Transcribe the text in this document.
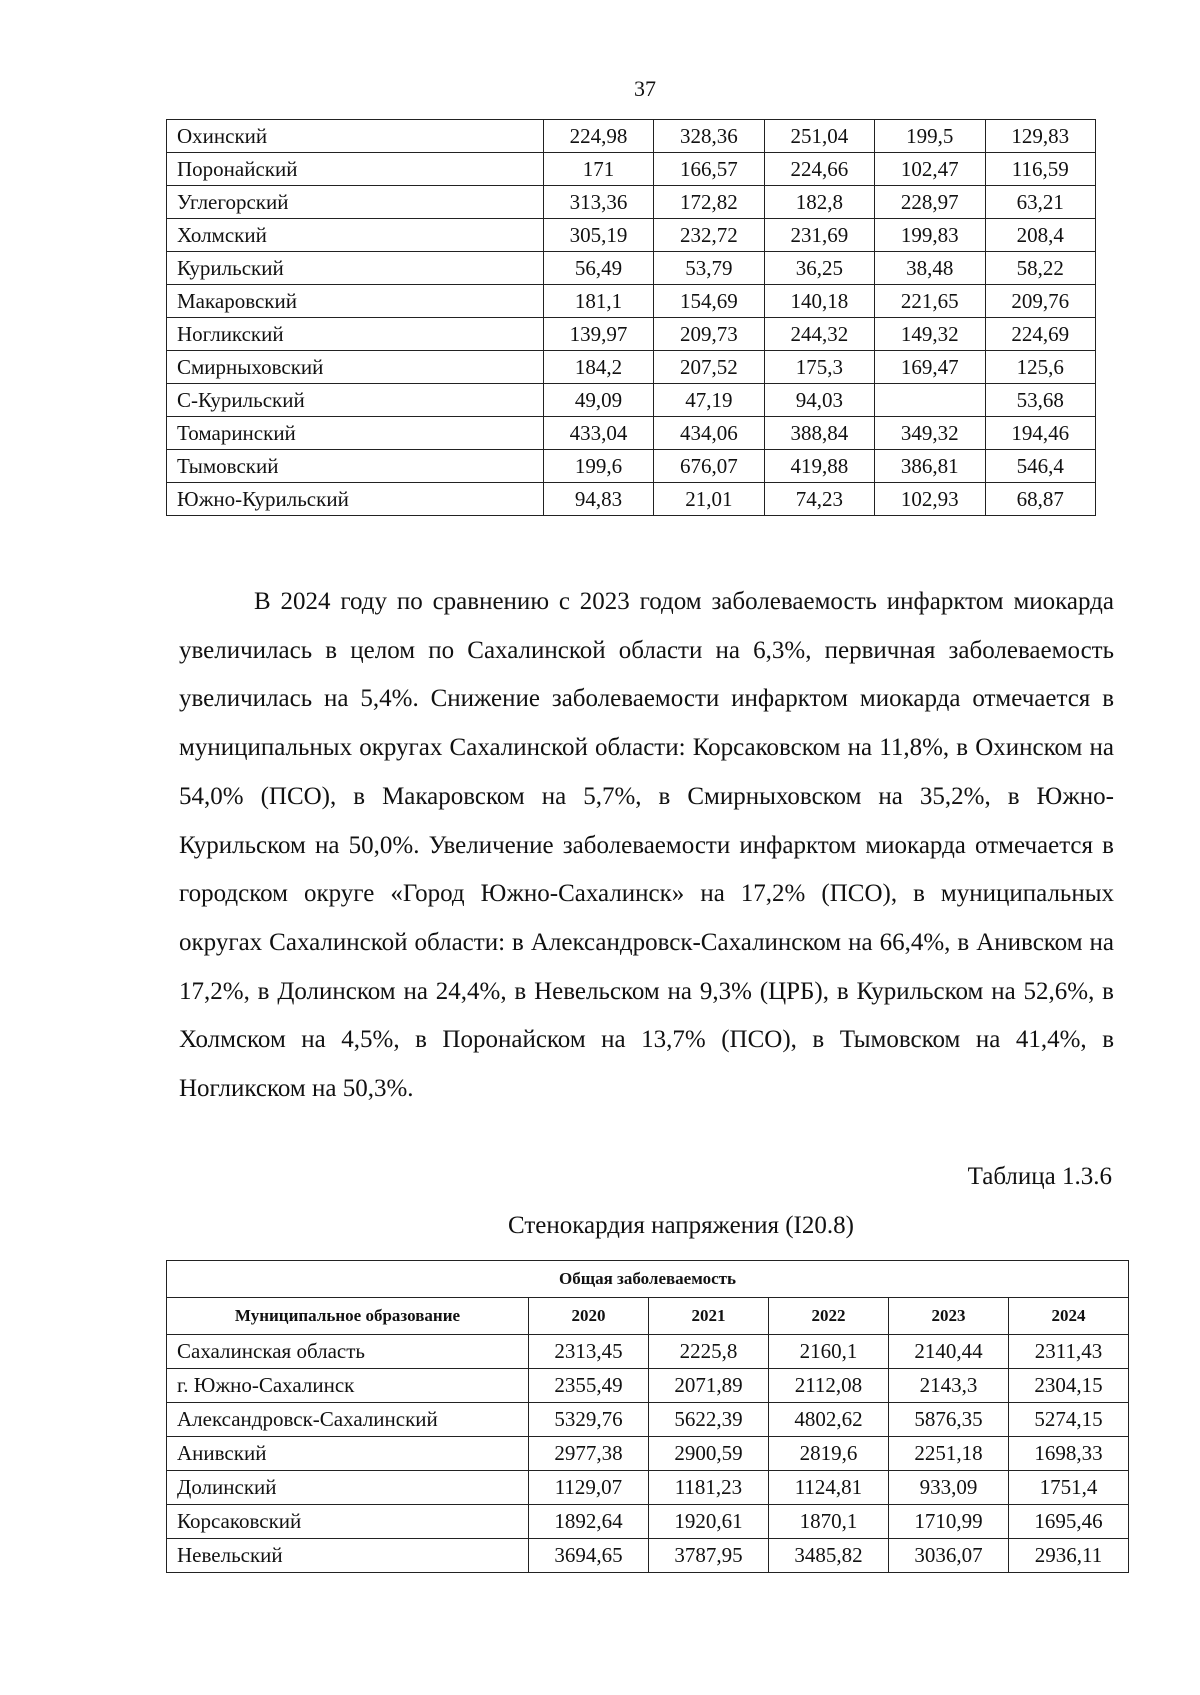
37
Охинский	224,98	328,36	251,04	199,5	129,83
Поронайский	171	166,57	224,66	102,47	116,59
Углегорский	313,36	172,82	182,8	228,97	63,21
Холмский	305,19	232,72	231,69	199,83	208,4
Курильский	56,49	53,79	36,25	38,48	58,22
Макаровский	181,1	154,69	140,18	221,65	209,76
Ногликский	139,97	209,73	244,32	149,32	224,69
Смирныховский	184,2	207,52	175,3	169,47	125,6
С-Курильский	49,09	47,19	94,03		53,68
Томаринский	433,04	434,06	388,84	349,32	194,46
Тымовский	199,6	676,07	419,88	386,81	546,4
Южно-Курильский	94,83	21,01	74,23	102,93	68,87

В 2024 году по сравнению с 2023 годом заболеваемость инфарктом миокарда увеличилась в целом по Сахалинской области на 6,3%, первичная заболеваемость увеличилась на 5,4%. Снижение заболеваемости инфарктом миокарда отмечается в муниципальных округах Сахалинской области: Корсаковском на 11,8%, в Охинском на 54,0% (ПСО), в Макаровском на 5,7%, в Смирныховском на 35,2%, в Южно-Курильском на 50,0%. Увеличение заболеваемости инфарктом миокарда отмечается в городском округе «Город Южно-Сахалинск» на 17,2% (ПСО), в муниципальных округах Сахалинской области: в Александровск-Сахалинском на 66,4%, в Анивском на 17,2%, в Долинском на 24,4%, в Невельском на 9,3% (ЦРБ), в Курильском на 52,6%, в Холмском на 4,5%, в Поронайском на 13,7% (ПСО), в Тымовском на 41,4%, в Ногликском на 50,3%.

Таблица 1.3.6
Стенокардия напряжения (I20.8)
Общая заболеваемость					
Муниципальное образование	2020	2021	2022	2023	2024
Сахалинская область	2313,45	2225,8	2160,1	2140,44	2311,43
г. Южно-Сахалинск	2355,49	2071,89	2112,08	2143,3	2304,15
Александровск-Сахалинский	5329,76	5622,39	4802,62	5876,35	5274,15
Анивский	2977,38	2900,59	2819,6	2251,18	1698,33
Долинский	1129,07	1181,23	1124,81	933,09	1751,4
Корсаковский	1892,64	1920,61	1870,1	1710,99	1695,46
Невельский	3694,65	3787,95	3485,82	3036,07	2936,11
